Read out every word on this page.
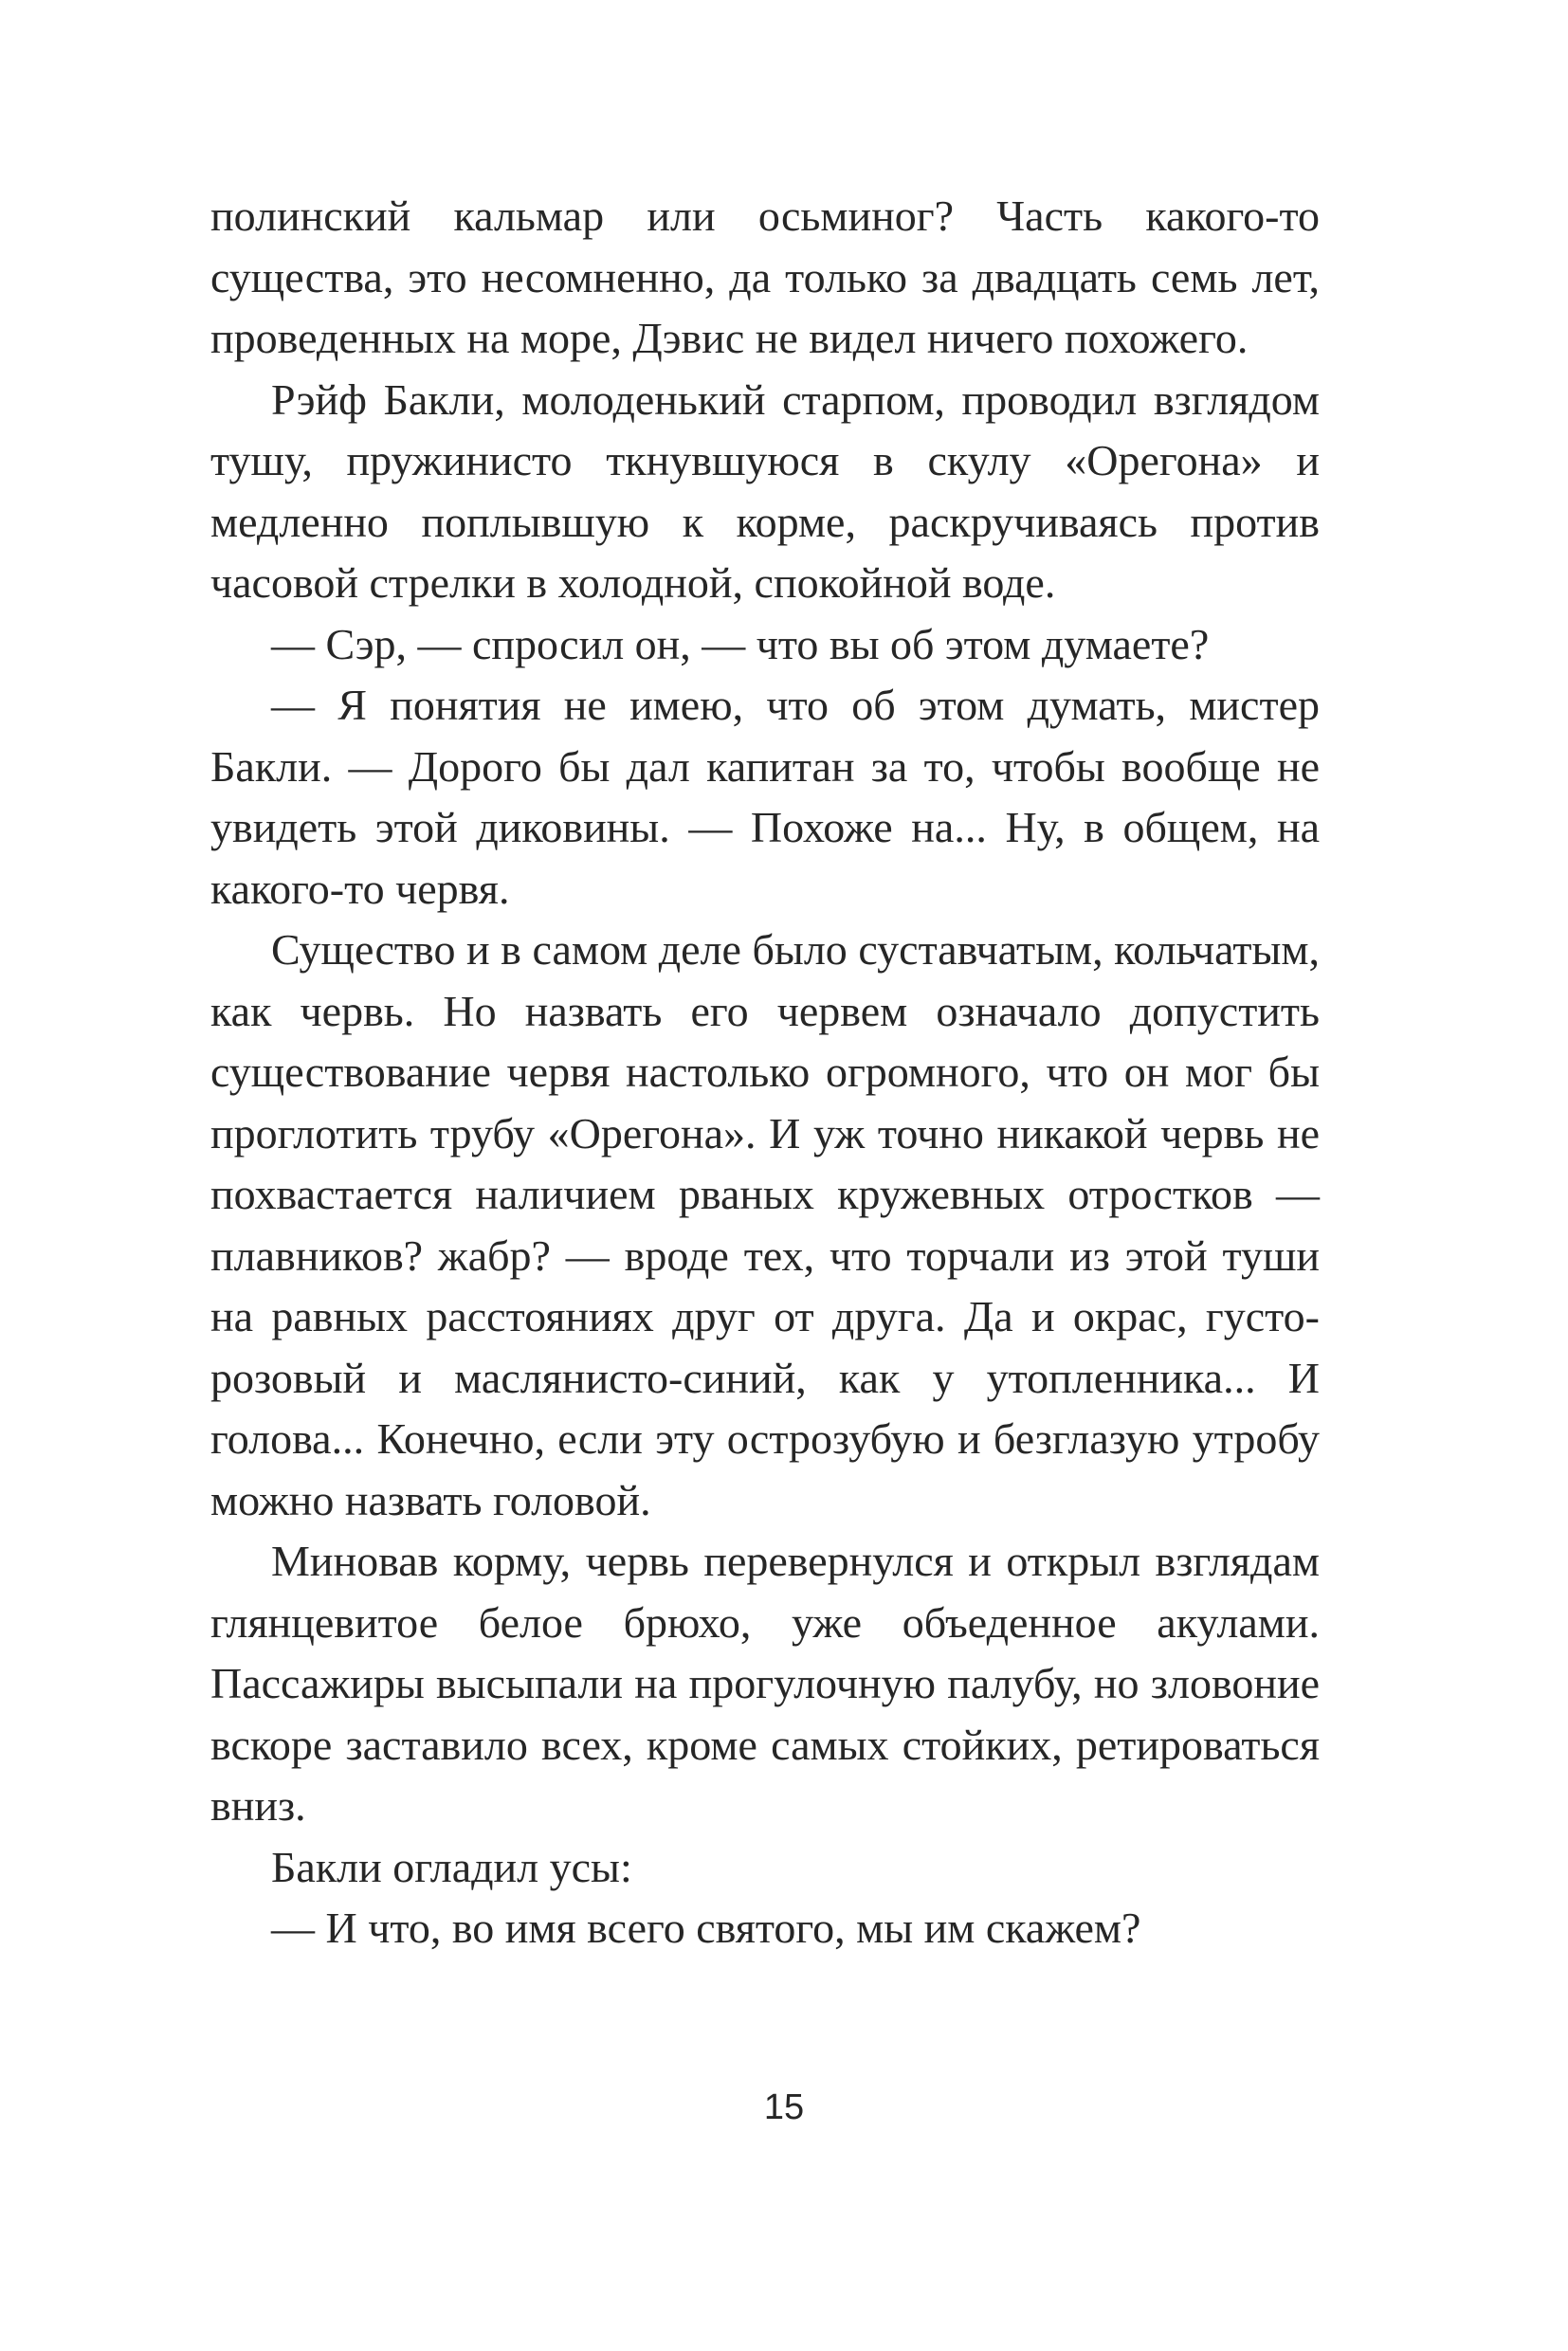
полинский кальмар или осьминог? Часть какого-то существа, это несомненно, да только за двадцать семь лет, проведенных на море, Дэвис не видел ничего похожего.

Рэйф Бакли, молоденький старпом, проводил взглядом тушу, пружинисто ткнувшуюся в скулу «Орегона» и медленно поплывшую к корме, раскручиваясь против часовой стрелки в холодной, спокойной воде.

— Сэр, — спросил он, — что вы об этом думаете?

— Я понятия не имею, что об этом думать, мистер Бакли. — Дорого бы дал капитан за то, чтобы вообще не увидеть этой диковины. — Похоже на... Ну, в общем, на какого-то червя.

Существо и в самом деле было суставчатым, кольчатым, как червь. Но назвать его червем означало допустить существование червя настолько огромного, что он мог бы проглотить трубу «Орегона». И уж точно никакой червь не похвастается наличием рваных кружевных отростков — плавников? жабр? — вроде тех, что торчали из этой туши на равных расстояниях друг от друга. Да и окрас, густо-розовый и маслянисто-синий, как у утопленника... И голова... Конечно, если эту острозубую и безглазую утробу можно назвать головой.

Миновав корму, червь перевернулся и открыл взглядам глянцевитое белое брюхо, уже объеденное акулами. Пассажиры высыпали на прогулочную палубу, но зловоние вскоре заставило всех, кроме самых стойких, ретироваться вниз.

Бакли огладил усы:

— И что, во имя всего святого, мы им скажем?

15
